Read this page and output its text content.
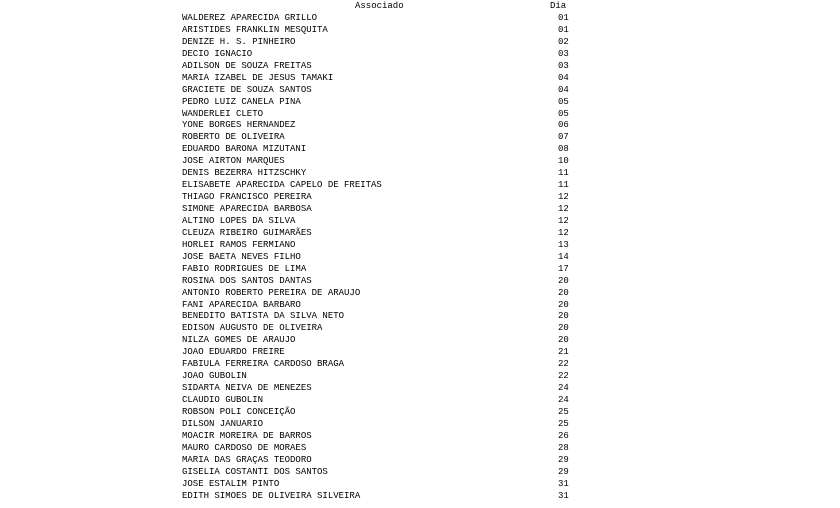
Associado	Dia
WALDEREZ APARECIDA GRILLO	01
ARISTIDES FRANKLIN MESQUITA	01
DENIZE H. S. PINHEIRO	02
DECIO IGNACIO	03
ADILSON DE SOUZA FREITAS	03
MARIA IZABEL DE JESUS TAMAKI	04
GRACIETE DE SOUZA SANTOS	04
PEDRO LUIZ CANELA PINA	05
WANDERLEI CLETO	05
YONE BORGES HERNANDEZ	06
ROBERTO DE OLIVEIRA	07
EDUARDO BARONA MIZUTANI	08
JOSE AIRTON MARQUES	10
DENIS BEZERRA HITZSCHKY	11
ELISABETE APARECIDA CAPELO DE FREITAS	11
THIAGO FRANCISCO PEREIRA	12
SIMONE APARECIDA BARBOSA	12
ALTINO LOPES DA SILVA	12
CLEUZA RIBEIRO GUIMARÃES	12
HORLEI RAMOS FERMIANO	13
JOSE BAETA NEVES FILHO	14
FABIO RODRIGUES DE LIMA	17
ROSINA DOS SANTOS DANTAS	20
ANTONIO ROBERTO PEREIRA DE ARAUJO	20
FANI APARECIDA BARBARO	20
BENEDITO BATISTA DA SILVA NETO	20
EDISON AUGUSTO DE OLIVEIRA	20
NILZA GOMES DE ARAUJO	20
JOAO EDUARDO FREIRE	21
FABIULA FERREIRA CARDOSO BRAGA	22
JOAO GUBOLIN	22
SIDARTA NEIVA DE MENEZES	24
CLAUDIO GUBOLIN	24
ROBSON POLI CONCEIÇÃO	25
DILSON JANUARIO	25
MOACIR MOREIRA DE BARROS	26
MAURO CARDOSO DE MORAES	28
MARIA DAS GRAÇAS TEODORO	29
GISELIA COSTANTI DOS SANTOS	29
JOSE ESTALIM PINTO	31
EDITH SIMOES DE OLIVEIRA SILVEIRA	31
